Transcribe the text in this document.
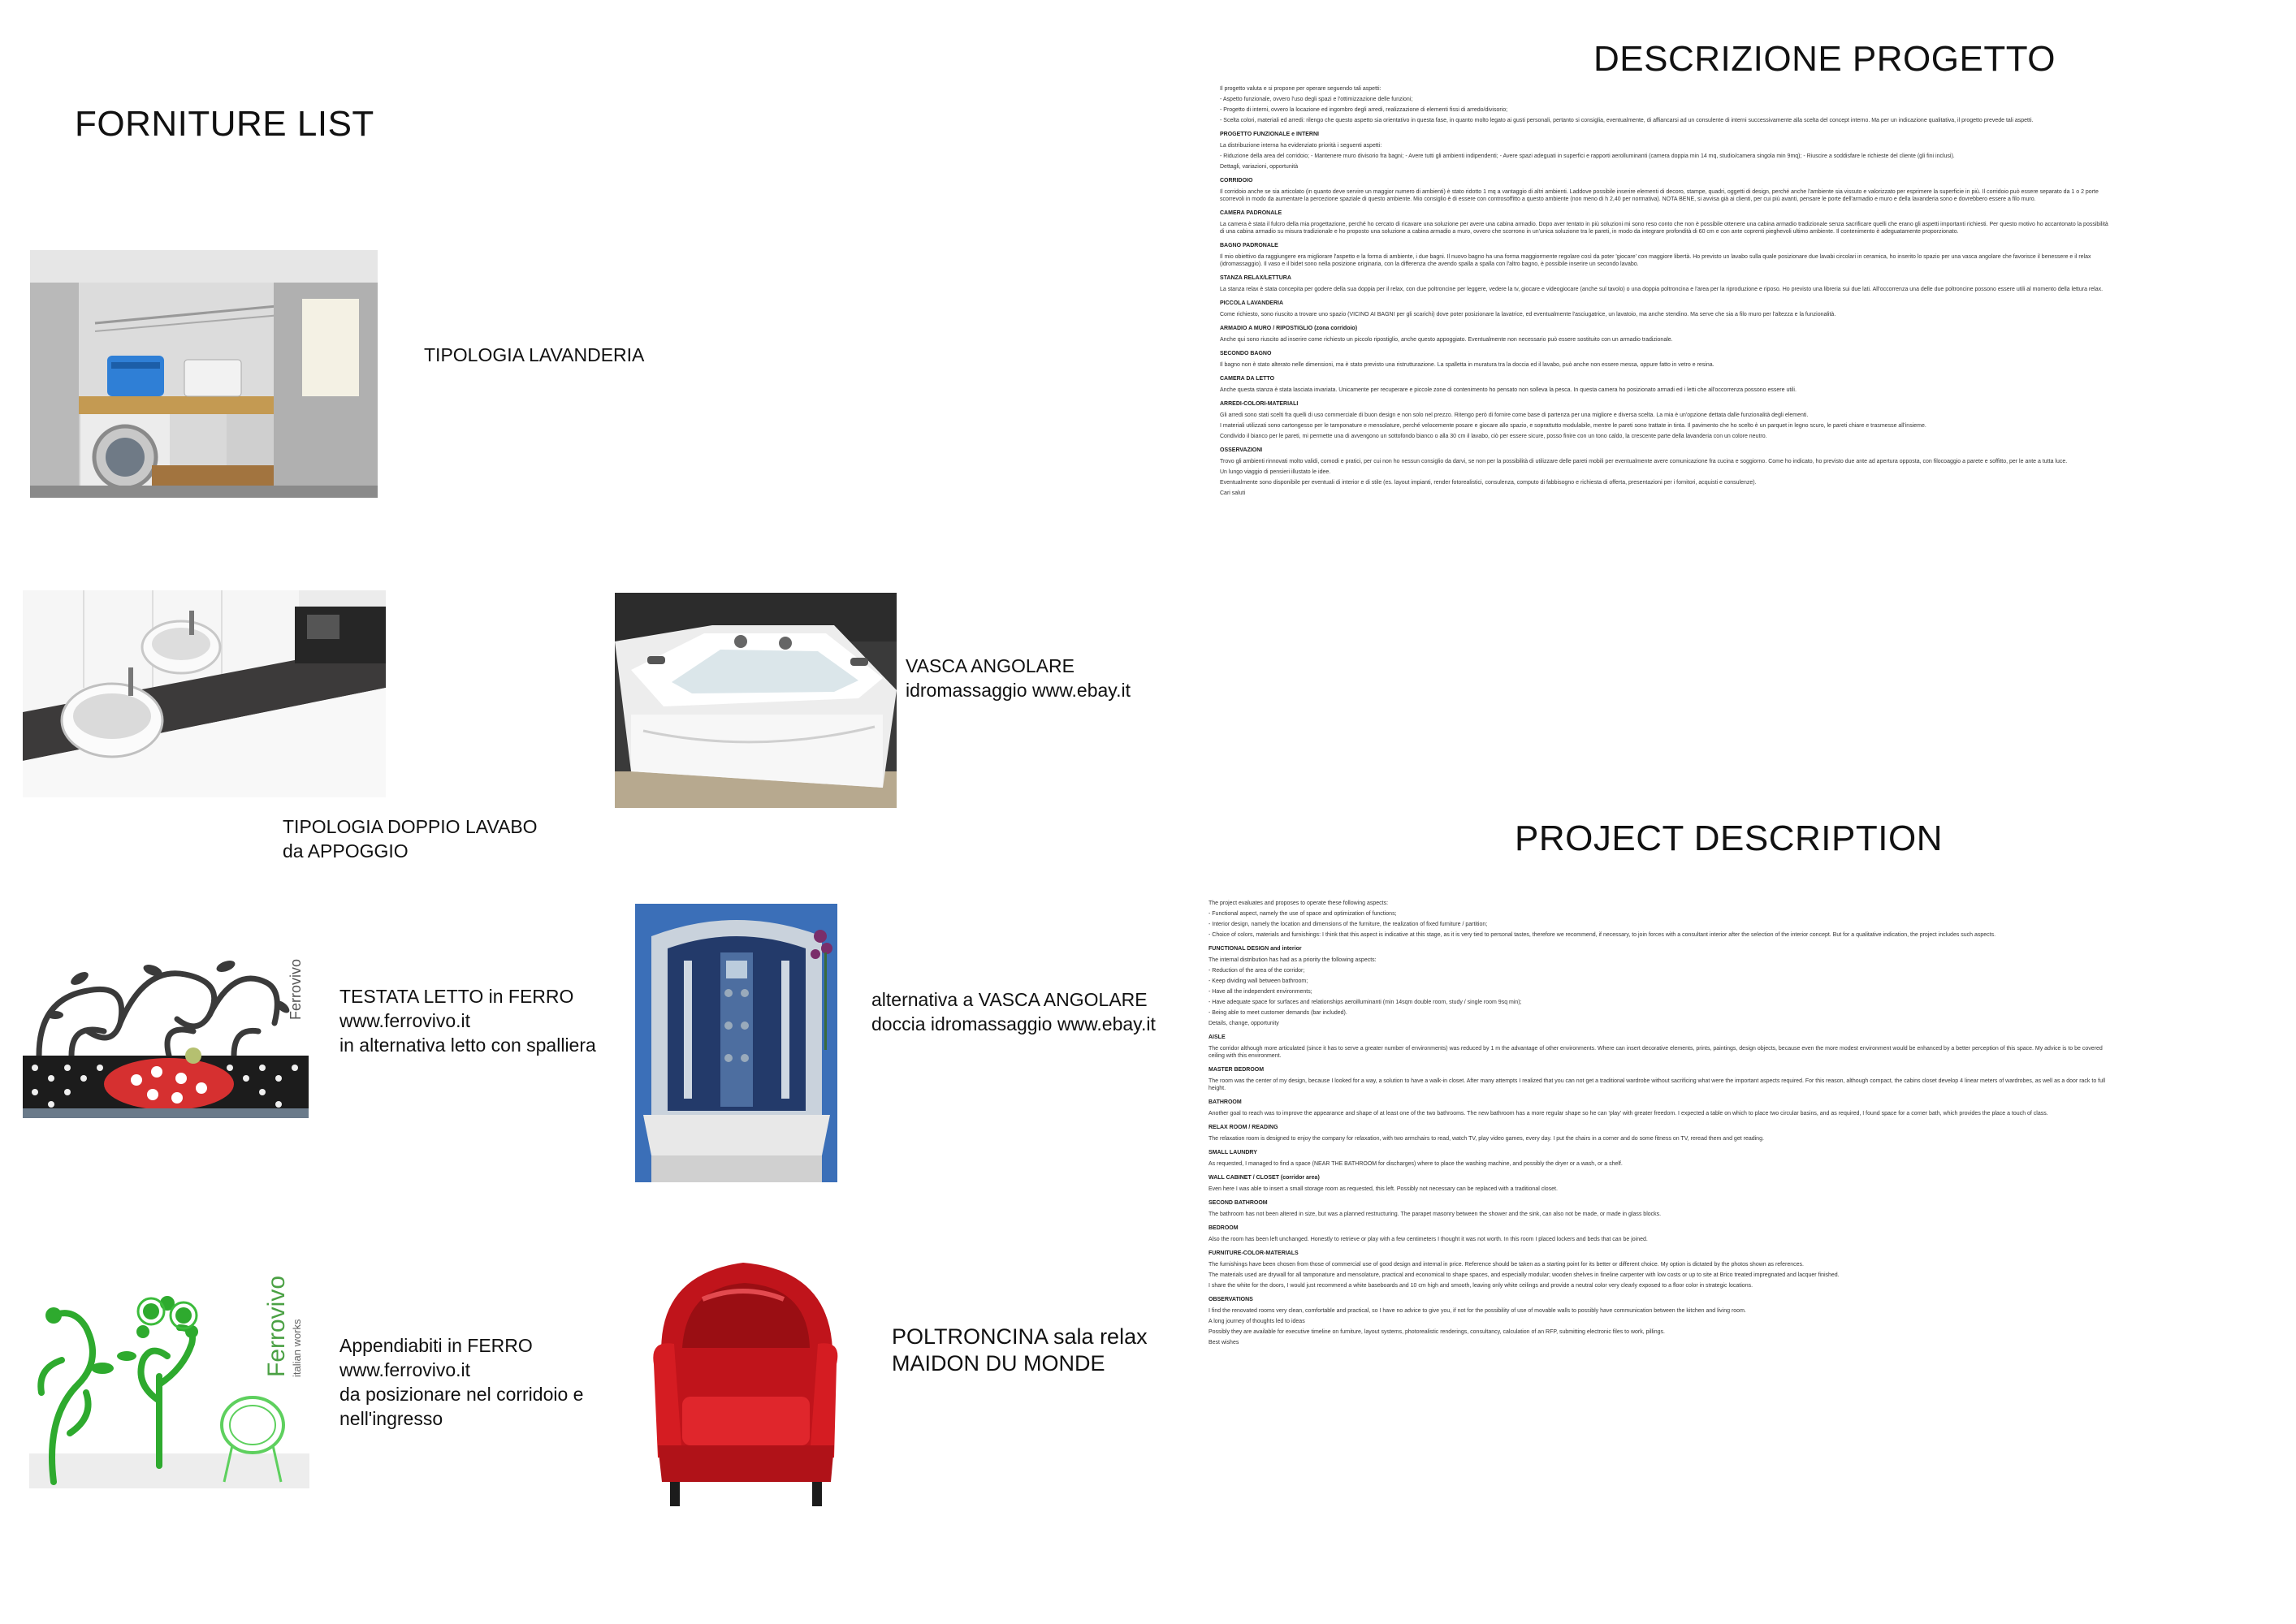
FORNITURE LIST
DESCRIZIONE PROGETTO
PROJECT DESCRIPTION
TIPOLOGIA LAVANDERIA
TIPOLOGIA DOPPIO LAVABO
da APPOGGIO
VASCA ANGOLARE
idromassaggio www.ebay.it
Ferrovivo TESTATA LETTO in FERRO
www.ferrovivo.it
in alternativa letto con spalliera
alternativa a VASCA ANGOLARE
doccia idromassaggio www.ebay.it
Ferrovivo italian works Appendiabiti in FERRO
www.ferrovivo.it
da posizionare nel corridoio e
nell'ingresso
POLTRONCINA sala relax
MAIDON DU MONDE

Il progetto valuta e si propone per operare seguendo tali aspetti:

- Aspetto funzionale, ovvero l'uso degli spazi e l'ottimizzazione delle funzioni;

- Progetto di interni, ovvero la locazione ed ingombro degli arredi, realizzazione di elementi fissi di arredo/divisorio;

- Scelta colori, materiali ed arredi: rilengo che questo aspetto sia orientativo in questa fase, in quanto molto legato ai gusti personali, pertanto si consiglia, eventualmente, di affiancarsi ad un consulente di interni successivamente alla scelta del concept interno. Ma per un indicazione qualitativa, il progetto prevede tali aspetti.

PROGETTO FUNZIONALE e INTERNI

La distribuzione interna ha evidenziato priorità i seguenti aspetti:

- Riduzione della area del corridoio; - Mantenere muro divisorio fra bagni; - Avere tutti gli ambienti indipendenti; - Avere spazi adeguati in superfici e rapporti aerolluminanti (camera doppia min 14 mq, studio/camera singola min 9mq); - Riuscire a soddisfare le richieste del cliente (gli fini inclusi).

Dettagli, variazioni, opportunità

CORRIDOIO

Il corridoio anche se sia articolato (in quanto deve servire un maggior numero di ambienti) è stato ridotto 1 mq a vantaggio di altri ambienti. Laddove possibile inserire elementi di decoro, stampe, quadri, oggetti di design, perché anche l'ambiente sia vissuto e valorizzato per esprimere la superficie in più. Il corridoio può essere separato da 1 o 2 porte scorrevoli in modo da aumentare la percezione spaziale di questo ambiente. Mio consiglio è di essere con controsoffitto a questo ambiente (non meno di h 2,40 per normativa). NOTA BENE, si avvisa già ai clienti, per cui più avanti, pensare le porte dell'armadio e muro e della lavanderia sono e dovrebbero essere a filo muro.

CAMERA PADRONALE

La camera è stata il fulcro della mia progettazione, perché ho cercato di ricavare una soluzione per avere una cabina armadio. Dopo aver tentato in più soluzioni mi sono reso conto che non è possibile ottenere una cabina armadio tradizionale senza sacrificare quelli che erano gli aspetti importanti richiesti. Per questo motivo ho accantonato la possibilità di una cabina armadio su misura tradizionale e ho proposto una soluzione a cabina armadio a muro, ovvero che scorrono in un'unica soluzione tra le pareti, in modo da integrare profondità di 60 cm e con ante coprenti pieghevoli ultimo ambiente. Il contenimento è adeguatamente proporzionato.

BAGNO PADRONALE

Il mio obiettivo da raggiungere era migliorare l'aspetto e la forma di ambiente, i due bagni. Il nuovo bagno ha una forma maggiormente regolare così da poter 'giocare' con maggiore libertà. Ho previsto un lavabo sulla quale posizionare due lavabi circolari in ceramica, ho inserito lo spazio per una vasca angolare che favorisce il benessere e il relax (idromassaggio). Il vaso e il bidet sono nella posizione originaria, con la differenza che avendo spalla a spalla con l'altro bagno, è possibile inserire un secondo lavabo.

STANZA RELAX/LETTURA

La stanza relax è stata concepita per godere della sua doppia per il relax, con due poltroncine per leggere, vedere la tv, giocare e videogiocare (anche sul tavolo) o una doppia poltroncina e l'area per la riproduzione e riposo. Ho previsto una libreria sui due lati. All'occorrenza una delle due poltroncine possono essere utili al momento della lettura relax.

PICCOLA LAVANDERIA

Come richiesto, sono riuscito a trovare uno spazio (VICINO AI BAGNI per gli scarichi) dove poter posizionare la lavatrice, ed eventualmente l'asciugatrice, un lavatoio, ma anche stendino. Ma serve che sia a filo muro per l'altezza e la funzionalità.

ARMADIO A MURO / RIPOSTIGLIO (zona corridoio)

Anche qui sono riuscito ad inserire come richiesto un piccolo ripostiglio, anche questo appoggiato. Eventualmente non necessario può essere sostituito con un armadio tradizionale.

SECONDO BAGNO

Il bagno non è stato alterato nelle dimensioni, ma è stato previsto una ristrutturazione. La spalletta in muratura tra la doccia ed il lavabo, può anche non essere messa, oppure fatto in vetro e resina.

CAMERA DA LETTO

Anche questa stanza è stata lasciata invariata. Unicamente per recuperare e piccole zone di contenimento ho pensato non solleva la pesca. In questa camera ho posizionato armadi ed i letti che all'occorrenza possono essere utili.

ARREDI-COLORI-MATERIALI

Gli arredi sono stati scelti fra quelli di uso commerciale di buon design e non solo nel prezzo. Ritengo però di fornire come base di partenza per una migliore e diversa scelta. La mia è un'opzione dettata dalle funzionalità degli elementi.

I materiali utilizzati sono cartongesso per le tamponature e mensolature, perché velocemente posare e giocare allo spazio, e soprattutto modulabile, mentre le pareti sono trattate in tinta. Il pavimento che ho scelto è un parquet in legno scuro, le pareti chiare e trasmesse all'insieme.

Condivido il bianco per le pareti, mi permette una di avvengono un sottofondo bianco o alla 30 cm il lavabo, ciò per essere sicure, posso finire con un tono caldo, la crescente parte della lavanderia con un colore neutro.

OSSERVAZIONI

Trovo gli ambienti rinnovati molto validi, comodi e pratici, per cui non ho nessun consiglio da darvi, se non per la possibilità di utilizzare delle pareti mobili per eventualmente avere comunicazione fra cucina e soggiorno. Come ho indicato, ho previsto due ante ad apertura opposta, con filocoaggio a parete e soffitto, per le ante a tutta luce.

Un lungo viaggio di pensieri illustato le idee.

Eventualmente sono disponibile per eventuali di interior e di stile (es. layout impianti, render fotorealistici, consulenza, computo di fabbisogno e richiesta di offerta, presentazioni per i fornitori, acquisti e consulenze).

Cari saluti

The project evaluates and proposes to operate these following aspects:

- Functional aspect, namely the use of space and optimization of functions;

- Interior design, namely the location and dimensions of the furniture, the realization of fixed furniture / partition;

- Choice of colors, materials and furnishings: I think that this aspect is indicative at this stage, as it is very tied to personal tastes, therefore we recommend, if necessary, to join forces with a consultant interior after the selection of the interior concept. But for a qualitative indication, the project includes such aspects.

FUNCTIONAL DESIGN and interior

The internal distribution has had as a priority the following aspects:

- Reduction of the area of the corridor;

- Keep dividing wall between bathroom;

- Have all the independent environments;

- Have adequate space for surfaces and relationships aeroilluminanti (min 14sqm double room, study / single room 9sq min);

- Being able to meet customer demands (bar included).

Details, change, opportunity

AISLE

The corridor although more articulated (since it has to serve a greater number of environments) was reduced by 1 m the advantage of other environments. Where can insert decorative elements, prints, paintings, design objects, because even the more modest environment would be enhanced by a better perception of this space. My advice is to be covered ceiling with this environment.

MASTER BEDROOM

The room was the center of my design, because I looked for a way, a solution to have a walk-in closet. After many attempts I realized that you can not get a traditional wardrobe without sacrificing what were the important aspects required. For this reason, although compact, the cabins closet develop 4 linear meters of wardrobes, as well as a door rack to full height.

BATHROOM

Another goal to reach was to improve the appearance and shape of at least one of the two bathrooms. The new bathroom has a more regular shape so he can 'play' with greater freedom. I expected a table on which to place two circular basins, and as required, I found space for a corner bath, which provides the place a touch of class.

RELAX ROOM / READING

The relaxation room is designed to enjoy the company for relaxation, with two armchairs to read, watch TV, play video games, every day. I put the chairs in a corner and do some fitness on TV, reread them and get reading.

SMALL LAUNDRY

As requested, I managed to find a space (NEAR THE BATHROOM for discharges) where to place the washing machine, and possibly the dryer or a wash, or a shelf.

WALL CABINET / CLOSET (corridor area)

Even here I was able to insert a small storage room as requested, this left. Possibly not necessary can be replaced with a traditional closet.

SECOND BATHROOM

The bathroom has not been altered in size, but was a planned restructuring. The parapet masonry between the shower and the sink, can also not be made, or made in glass blocks.

BEDROOM

Also the room has been left unchanged. Honestly to retrieve or play with a few centimeters I thought it was not worth. In this room I placed lockers and beds that can be joined.

FURNITURE-COLOR-MATERIALS

The furnishings have been chosen from those of commercial use of good design and internal in price. Reference should be taken as a starting point for its better or different choice. My option is dictated by the photos shown as references.

The materials used are drywall for all tamponature and mensolature, practical and economical to shape spaces, and especially modular; wooden shelves in fineline carpenter with low costs or up to site at Brico treated impregnated and lacquer finished.

I share the white for the doors, I would just recommend a white baseboards and 10 cm high and smooth, leaving only white ceilings and provide a neutral color very clearly exposed to a floor color in strategic locations.

OBSERVATIONS

I find the renovated rooms very clean, comfortable and practical, so I have no advice to give you, if not for the possibility of use of movable walls to possibly have communication between the kitchen and living room.

A long journey of thoughts led to ideas

Possibly they are available for executive timeline on furniture, layout systems, photorealistic renderings, consultancy, calculation of an RFP, submitting electronic files to work, pillings.

Best wishes
